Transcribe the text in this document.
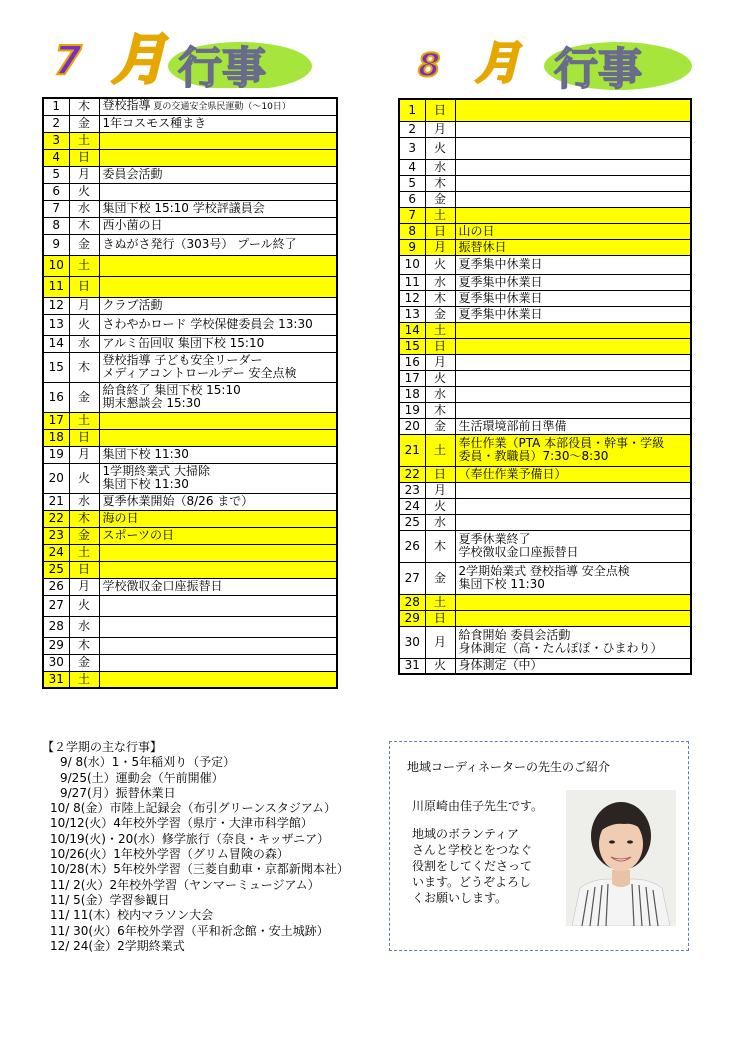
7 月 行事	8 月 行事
1	木	登校指導 夏の交通安全県民運動（～10日）
2	金	1年コスモス種まき
3	土	
4	日	
5	月	委員会活動
6	火	
7	水	集団下校 15:10 学校評議員会
8	木	西小菌の日
9	金	きぬがさ発行（303号） プール終了
10	土	
11	日	
12	月	クラブ活動
13	火	さわやかロード 学校保健委員会 13:30
14	水	アルミ缶回収 集団下校 15:10
15	木	登校指導 子ども安全リーダー
メディアコントロールデー 安全点検
16	金	給食終了 集団下校 15:10
期末懇談会 15:30
17	土	
18	日	
19	月	集団下校 11:30
20	火	1学期終業式 大掃除
集団下校 11:30
21	水	夏季休業開始（8/26 まで）
22	木	海の日
23	金	スポーツの日
24	土	
25	日	
26	月	学校徴収金口座振替日
27	火	
28	水	
29	木	
30	金	
31	土	
1	日	
2	月	
3	火	
4	水	
5	木	
6	金	
7	土	
8	日	山の日
9	月	振替休日
10	火	夏季集中休業日
11	水	夏季集中休業日
12	木	夏季集中休業日
13	金	夏季集中休業日
14	土	
15	日	
16	月	
17	火	
18	水	
19	木	
20	金	生活環境部前日準備
21	土	奉仕作業（PTA 本部役員・幹事・学級
委員・教職員）7:30～8:30
22	日	（奉仕作業予備日）
23	月	
24	火	
25	水	
26	木	夏季休業終了
学校徴収金口座振替日
27	金	2学期始業式 登校指導 安全点検
集団下校 11:30
28	土	
29	日	
30	月	給食開始 委員会活動
身体測定（高・たんぽぽ・ひまわり）
31	火	身体測定（中）
【２学期の主な行事】
9/ 8(水）1・5年稲刈り（予定）
9/25(土）運動会（午前開催）
9/27(月）振替休業日
10/ 8(金）市陸上記録会（布引グリーンスタジアム）
10/12(火）4年校外学習（県庁・大津市科学館）
10/19(火)・20(水）修学旅行（奈良・キッザニア）
10/26(火）1年校外学習（グリム冒険の森）
10/28(木）5年校外学習（三菱自動車・京都新聞本社）
11/ 2(火）2年校外学習（ヤンマーミュージアム）
11/ 5(金）学習参観日
11/ 11(木）校内マラソン大会
11/ 30(火）6年校外学習（平和祈念館・安土城跡）
12/ 24(金）2学期終業式
地域コーディネーターの先生のご紹介
川原崎由佳子先生です。
地域のボランティア
さんと学校とをつなぐ
役割をしてくださって
います。どうぞよろし
くお願いします。
